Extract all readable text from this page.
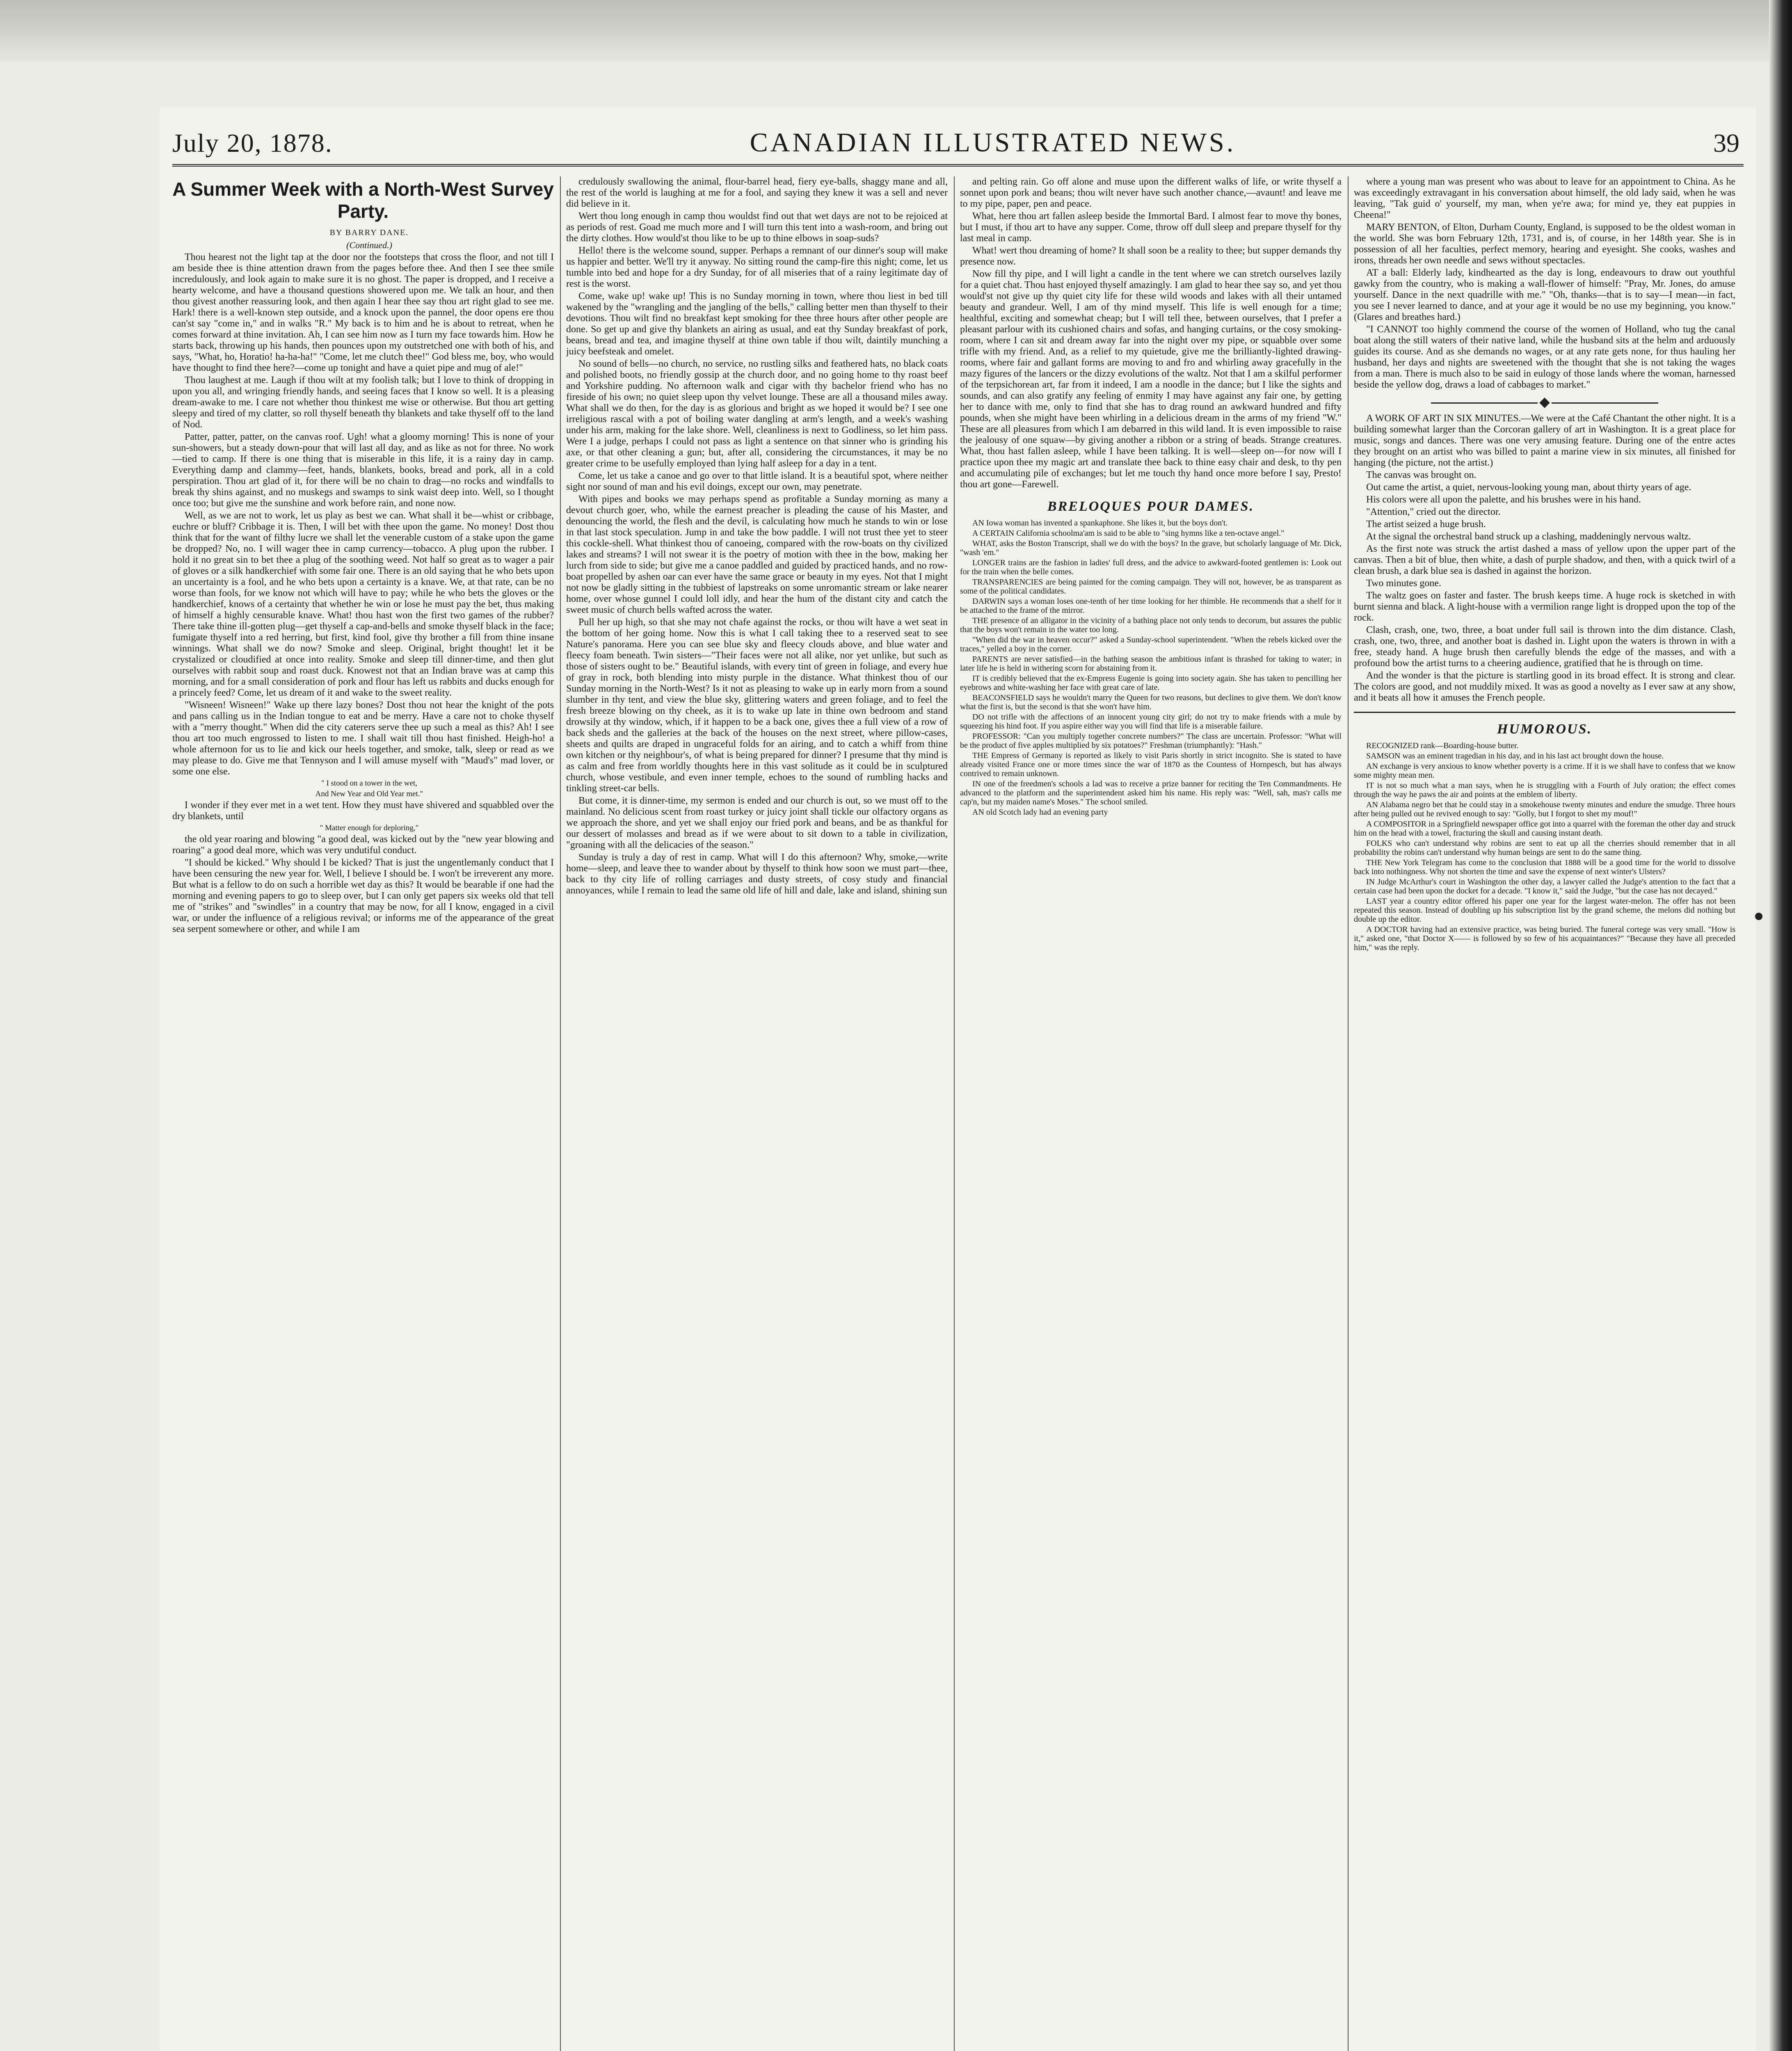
July 20, 1878.	CANADIAN ILLUSTRATED NEWS.	39
A Summer Week with a North-West Survey Party.

BY BARRY DANE.

(Continued.)

Thou hearest not the light tap at the door nor the footsteps that cross the floor, and not till I am beside thee is thine attention drawn from the pages before thee. And then I see thee smile incredulously, and look again to make sure it is no ghost. The paper is dropped, and I receive a hearty welcome, and have a thousand questions showered upon me. We talk an hour, and then thou givest another reassuring look, and then again I hear thee say thou art right glad to see me. Hark! there is a well-known step outside, and a knock upon the pannel, the door opens ere thou can'st say "come in," and in walks "R." My back is to him and he is about to retreat, when he comes forward at thine invitation. Ah, I can see him now as I turn my face towards him. How he starts back, throwing up his hands, then pounces upon my outstretched one with both of his, and says, "What, ho, Horatio! ha-ha-ha!" "Come, let me clutch thee!" God bless me, boy, who would have thought to find thee here?—come up tonight and have a quiet pipe and mug of ale!"

Thou laughest at me. Laugh if thou wilt at my foolish talk; but I love to think of dropping in upon you all, and wringing friendly hands, and seeing faces that I know so well. It is a pleasing dream-awake to me. I care not whether thou thinkest me wise or otherwise. But thou art getting sleepy and tired of my clatter, so roll thyself beneath thy blankets and take thyself off to the land of Nod.

Patter, patter, patter, on the canvas roof. Ugh! what a gloomy morning! This is none of your sun-showers, but a steady down-pour that will last all day, and as like as not for three. No work—tied to camp. If there is one thing that is miserable in this life, it is a rainy day in camp. Everything damp and clammy—feet, hands, blankets, books, bread and pork, all in a cold perspiration. Thou art glad of it, for there will be no chain to drag—no rocks and windfalls to break thy shins against, and no muskegs and swamps to sink waist deep into. Well, so I thought once too; but give me the sunshine and work before rain, and none now.

Well, as we are not to work, let us play as best we can. What shall it be—whist or cribbage, euchre or bluff? Cribbage it is. Then, I will bet with thee upon the game. No money! Dost thou think that for the want of filthy lucre we shall let the venerable custom of a stake upon the game be dropped? No, no. I will wager thee in camp currency—tobacco. A plug upon the rubber. I hold it no great sin to bet thee a plug of the soothing weed. Not half so great as to wager a pair of gloves or a silk handkerchief with some fair one. There is an old saying that he who bets upon an uncertainty is a fool, and he who bets upon a certainty is a knave. We, at that rate, can be no worse than fools, for we know not which will have to pay; while he who bets the gloves or the handkerchief, knows of a certainty that whether he win or lose he must pay the bet, thus making of himself a highly censurable knave. What! thou hast won the first two games of the rubber? There take thine ill-gotten plug—get thyself a cap-and-bells and smoke thyself black in the face; fumigate thyself into a red herring, but first, kind fool, give thy brother a fill from thine insane winnings. What shall we do now? Smoke and sleep. Original, bright thought! let it be crystalized or cloudified at once into reality. Smoke and sleep till dinner-time, and then glut ourselves with rabbit soup and roast duck. Knowest not that an Indian brave was at camp this morning, and for a small consideration of pork and flour has left us rabbits and ducks enough for a princely feed? Come, let us dream of it and wake to the sweet reality.

"Wisneen! Wisneen!" Wake up there lazy bones? Dost thou not hear the knight of the pots and pans calling us in the Indian tongue to eat and be merry. Have a care not to choke thyself with a "merry thought." When did the city caterers serve thee up such a meal as this? Ah! I see thou art too much engrossed to listen to me. I shall wait till thou hast finished. Heigh-ho! a whole afternoon for us to lie and kick our heels together, and smoke, talk, sleep or read as we may please to do. Give me that Tennyson and I will amuse myself with "Maud's" mad lover, or some one else.

" I stood on a tower in the wet,

And New Year and Old Year met."

I wonder if they ever met in a wet tent. How they must have shivered and squabbled over the dry blankets, until

" Matter enough for deploring,"

the old year roaring and blowing "a good deal, was kicked out by the "new year blowing and roaring" a good deal more, which was very undutiful conduct.

"I should be kicked." Why should I be kicked? That is just the ungentlemanly conduct that I have been censuring the new year for. Well, I believe I should be. I won't be irreverent any more. But what is a fellow to do on such a horrible wet day as this? It would be bearable if one had the morning and evening papers to go to sleep over, but I can only get papers six weeks old that tell me of "strikes" and "swindles" in a country that may be now, for all I know, engaged in a civil war, or under the influence of a religious revival; or informs me of the appearance of the great sea serpent somewhere or other, and while I am

credulously swallowing the animal, flour-barrel head, fiery eye-balls, shaggy mane and all, the rest of the world is laughing at me for a fool, and saying they knew it was a sell and never did believe in it.

Wert thou long enough in camp thou wouldst find out that wet days are not to be rejoiced at as periods of rest. Goad me much more and I will turn this tent into a wash-room, and bring out the dirty clothes. How would'st thou like to be up to thine elbows in soap-suds?

Hello! there is the welcome sound, supper. Perhaps a remnant of our dinner's soup will make us happier and better. We'll try it anyway. No sitting round the camp-fire this night; come, let us tumble into bed and hope for a dry Sunday, for of all miseries that of a rainy legitimate day of rest is the worst.

Come, wake up! wake up! This is no Sunday morning in town, where thou liest in bed till wakened by the "wrangling and the jangling of the bells," calling better men than thyself to their devotions. Thou wilt find no breakfast kept smoking for thee three hours after other people are done. So get up and give thy blankets an airing as usual, and eat thy Sunday breakfast of pork, beans, bread and tea, and imagine thyself at thine own table if thou wilt, daintily munching a juicy beefsteak and omelet.

No sound of bells—no church, no service, no rustling silks and feathered hats, no black coats and polished boots, no friendly gossip at the church door, and no going home to thy roast beef and Yorkshire pudding. No afternoon walk and cigar with thy bachelor friend who has no fireside of his own; no quiet sleep upon thy velvet lounge. These are all a thousand miles away. What shall we do then, for the day is as glorious and bright as we hoped it would be? I see one irreligious rascal with a pot of boiling water dangling at arm's length, and a week's washing under his arm, making for the lake shore. Well, cleanliness is next to Godliness, so let him pass. Were I a judge, perhaps I could not pass as light a sentence on that sinner who is grinding his axe, or that other cleaning a gun; but, after all, considering the circumstances, it may be no greater crime to be usefully employed than lying half asleep for a day in a tent.

Come, let us take a canoe and go over to that little island. It is a beautiful spot, where neither sight nor sound of man and his evil doings, except our own, may penetrate.

With pipes and books we may perhaps spend as profitable a Sunday morning as many a devout church goer, who, while the earnest preacher is pleading the cause of his Master, and denouncing the world, the flesh and the devil, is calculating how much he stands to win or lose in that last stock speculation. Jump in and take the bow paddle. I will not trust thee yet to steer this cockle-shell. What thinkest thou of canoeing, compared with the row-boats on thy civilized lakes and streams? I will not swear it is the poetry of motion with thee in the bow, making her lurch from side to side; but give me a canoe paddled and guided by practiced hands, and no row-boat propelled by ashen oar can ever have the same grace or beauty in my eyes. Not that I might not now be gladly sitting in the tubbiest of lapstreaks on some unromantic stream or lake nearer home, over whose gunnel I could loll idly, and hear the hum of the distant city and catch the sweet music of church bells wafted across the water.

Pull her up high, so that she may not chafe against the rocks, or thou wilt have a wet seat in the bottom of her going home. Now this is what I call taking thee to a reserved seat to see Nature's panorama. Here you can see blue sky and fleecy clouds above, and blue water and fleecy foam beneath. Twin sisters—"Their faces were not all alike, nor yet unlike, but such as those of sisters ought to be." Beautiful islands, with every tint of green in foliage, and every hue of gray in rock, both blending into misty purple in the distance. What thinkest thou of our Sunday morning in the North-West? Is it not as pleasing to wake up in early morn from a sound slumber in thy tent, and view the blue sky, glittering waters and green foliage, and to feel the fresh breeze blowing on thy cheek, as it is to wake up late in thine own bedroom and stand drowsily at thy window, which, if it happen to be a back one, gives thee a full view of a row of back sheds and the galleries at the back of the houses on the next street, where pillow-cases, sheets and quilts are draped in ungraceful folds for an airing, and to catch a whiff from thine own kitchen or thy neighbour's, of what is being prepared for dinner? I presume that thy mind is as calm and free from worldly thoughts here in this vast solitude as it could be in sculptured church, whose vestibule, and even inner temple, echoes to the sound of rumbling hacks and tinkling street-car bells.

But come, it is dinner-time, my sermon is ended and our church is out, so we must off to the mainland. No delicious scent from roast turkey or juicy joint shall tickle our olfactory organs as we approach the shore, and yet we shall enjoy our fried pork and beans, and be as thankful for our dessert of molasses and bread as if we were about to sit down to a table in civilization, "groaning with all the delicacies of the season."

Sunday is truly a day of rest in camp. What will I do this afternoon? Why, smoke,—write home—sleep, and leave thee to wander about by thyself to think how soon we must part—thee, back to thy city life of rolling carriages and dusty streets, of cosy study and financial annoyances, while I remain to lead the same old life of hill and dale, lake and island, shining sun

and pelting rain. Go off alone and muse upon the different walks of life, or write thyself a sonnet upon pork and beans; thou wilt never have such another chance,—avaunt! and leave me to my pipe, paper, pen and peace.

What, here thou art fallen asleep beside the Immortal Bard. I almost fear to move thy bones, but I must, if thou art to have any supper. Come, throw off dull sleep and prepare thyself for thy last meal in camp.

What! wert thou dreaming of home? It shall soon be a reality to thee; but supper demands thy presence now.

Now fill thy pipe, and I will light a candle in the tent where we can stretch ourselves lazily for a quiet chat. Thou hast enjoyed thyself amazingly. I am glad to hear thee say so, and yet thou would'st not give up thy quiet city life for these wild woods and lakes with all their untamed beauty and grandeur. Well, I am of thy mind myself. This life is well enough for a time; healthful, exciting and somewhat cheap; but I will tell thee, between ourselves, that I prefer a pleasant parlour with its cushioned chairs and sofas, and hanging curtains, or the cosy smoking-room, where I can sit and dream away far into the night over my pipe, or squabble over some trifle with my friend. And, as a relief to my quietude, give me the brilliantly-lighted drawing-rooms, where fair and gallant forms are moving to and fro and whirling away gracefully in the mazy figures of the lancers or the dizzy evolutions of the waltz. Not that I am a skilful performer of the terpsichorean art, far from it indeed, I am a noodle in the dance; but I like the sights and sounds, and can also gratify any feeling of enmity I may have against any fair one, by getting her to dance with me, only to find that she has to drag round an awkward hundred and fifty pounds, when she might have been whirling in a delicious dream in the arms of my friend "W." These are all pleasures from which I am debarred in this wild land. It is even impossible to raise the jealousy of one squaw—by giving another a ribbon or a string of beads. Strange creatures. What, thou hast fallen asleep, while I have been talking. It is well—sleep on—for now will I practice upon thee my magic art and translate thee back to thine easy chair and desk, to thy pen and accumulating pile of exchanges; but let me touch thy hand once more before I say, Presto! thou art gone—Farewell.

BRELOQUES POUR DAMES.

AN Iowa woman has invented a spankaphone. She likes it, but the boys don't.

A CERTAIN California schoolma'am is said to be able to "sing hymns like a ten-octave angel."

WHAT, asks the Boston Transcript, shall we do with the boys? In the grave, but scholarly language of Mr. Dick, "wash 'em."

LONGER trains are the fashion in ladies' full dress, and the advice to awkward-footed gentlemen is: Look out for the train when the belle comes.

TRANSPARENCIES are being painted for the coming campaign. They will not, however, be as transparent as some of the political candidates.

DARWIN says a woman loses one-tenth of her time looking for her thimble. He recommends that a shelf for it be attached to the frame of the mirror.

THE presence of an alligator in the vicinity of a bathing place not only tends to decorum, but assures the public that the boys won't remain in the water too long.

"When did the war in heaven occur?" asked a Sunday-school superintendent. "When the rebels kicked over the traces," yelled a boy in the corner.

PARENTS are never satisfied—in the bathing season the ambitious infant is thrashed for taking to water; in later life he is held in withering scorn for abstaining from it.

IT is credibly believed that the ex-Empress Eugenie is going into society again. She has taken to pencilling her eyebrows and white-washing her face with great care of late.

BEACONSFIELD says he wouldn't marry the Queen for two reasons, but declines to give them. We don't know what the first is, but the second is that she won't have him.

DO not trifle with the affections of an innocent young city girl; do not try to make friends with a mule by squeezing his hind foot. If you aspire either way you will find that life is a miserable failure.

PROFESSOR: "Can you multiply together concrete numbers?" The class are uncertain. Professor: "What will be the product of five apples multiplied by six potatoes?" Freshman (triumphantly): "Hash."

THE Empress of Germany is reported as likely to visit Paris shortly in strict incognito. She is stated to have already visited France one or more times since the war of 1870 as the Countess of Hornpesch, but has always contrived to remain unknown.

IN one of the freedmen's schools a lad was to receive a prize banner for reciting the Ten Commandments. He advanced to the platform and the superintendent asked him his name. His reply was: "Well, sah, mas'r calls me cap'n, but my maiden name's Moses." The school smiled.

AN old Scotch lady had an evening party

where a young man was present who was about to leave for an appointment to China. As he was exceedingly extravagant in his conversation about himself, the old lady said, when he was leaving, "Tak guid o' yourself, my man, when ye're awa; for mind ye, they eat puppies in Cheena!"

MARY BENTON, of Elton, Durham County, England, is supposed to be the oldest woman in the world. She was born February 12th, 1731, and is, of course, in her 148th year. She is in possession of all her faculties, perfect memory, hearing and eyesight. She cooks, washes and irons, threads her own needle and sews without spectacles.

AT a ball: Elderly lady, kindhearted as the day is long, endeavours to draw out youthful gawky from the country, who is making a wall-flower of himself: "Pray, Mr. Jones, do amuse yourself. Dance in the next quadrille with me." "Oh, thanks—that is to say—I mean—in fact, you see I never learned to dance, and at your age it would be no use my beginning, you know." (Glares and breathes hard.)

"I CANNOT too highly commend the course of the women of Holland, who tug the canal boat along the still waters of their native land, while the husband sits at the helm and arduously guides its course. And as she demands no wages, or at any rate gets none, for thus hauling her husband, her days and nights are sweetened with the thought that she is not taking the wages from a man. There is much also to be said in eulogy of those lands where the woman, harnessed beside the yellow dog, draws a load of cabbages to market."

A WORK OF ART IN SIX MINUTES.—We were at the Café Chantant the other night. It is a building somewhat larger than the Corcoran gallery of art in Washington. It is a great place for music, songs and dances. There was one very amusing feature. During one of the entre actes they brought on an artist who was billed to paint a marine view in six minutes, all finished for hanging (the picture, not the artist.)

The canvas was brought on.

Out came the artist, a quiet, nervous-looking young man, about thirty years of age.

His colors were all upon the palette, and his brushes were in his hand.

"Attention," cried out the director.

The artist seized a huge brush.

At the signal the orchestral band struck up a clashing, maddeningly nervous waltz.

As the first note was struck the artist dashed a mass of yellow upon the upper part of the canvas. Then a bit of blue, then white, a dash of purple shadow, and then, with a quick twirl of a clean brush, a dark blue sea is dashed in against the horizon.

Two minutes gone.

The waltz goes on faster and faster. The brush keeps time. A huge rock is sketched in with burnt sienna and black. A light-house with a vermilion range light is dropped upon the top of the rock.

Clash, crash, one, two, three, a boat under full sail is thrown into the dim distance. Clash, crash, one, two, three, and another boat is dashed in. Light upon the waters is thrown in with a free, steady hand. A huge brush then carefully blends the edge of the masses, and with a profound bow the artist turns to a cheering audience, gratified that he is through on time.

And the wonder is that the picture is startling good in its broad effect. It is strong and clear. The colors are good, and not muddily mixed. It was as good a novelty as I ever saw at any show, and it beats all how it amuses the French people.

HUMOROUS.

RECOGNIZED rank—Boarding-house butter.

SAMSON was an eminent tragedian in his day, and in his last act brought down the house.

AN exchange is very anxious to know whether poverty is a crime. If it is we shall have to confess that we know some mighty mean men.

IT is not so much what a man says, when he is struggling with a Fourth of July oration; the effect comes through the way he paws the air and points at the emblem of liberty.

AN Alabama negro bet that he could stay in a smokehouse twenty minutes and endure the smudge. Three hours after being pulled out he revived enough to say: "Golly, but I forgot to shet my mouf!"

A COMPOSITOR in a Springfield newspaper office got into a quarrel with the foreman the other day and struck him on the head with a towel, fracturing the skull and causing instant death.

FOLKS who can't understand why robins are sent to eat up all the cherries should remember that in all probability the robins can't understand why human beings are sent to do the same thing.

THE New York Telegram has come to the conclusion that 1888 will be a good time for the world to dissolve back into nothingness. Why not shorten the time and save the expense of next winter's Ulsters?

IN Judge McArthur's court in Washington the other day, a lawyer called the Judge's attention to the fact that a certain case had been upon the docket for a decade. "I know it," said the Judge, "but the case has not decayed."

LAST year a country editor offered his paper one year for the largest water-melon. The offer has not been repeated this season. Instead of doubling up his subscription list by the grand scheme, the melons did nothing but double up the editor.

A DOCTOR having had an extensive practice, was being buried. The funeral cortege was very small. "How is it," asked one, "that Doctor X—— is followed by so few of his acquaintances?" "Because they have all preceded him," was the reply.
